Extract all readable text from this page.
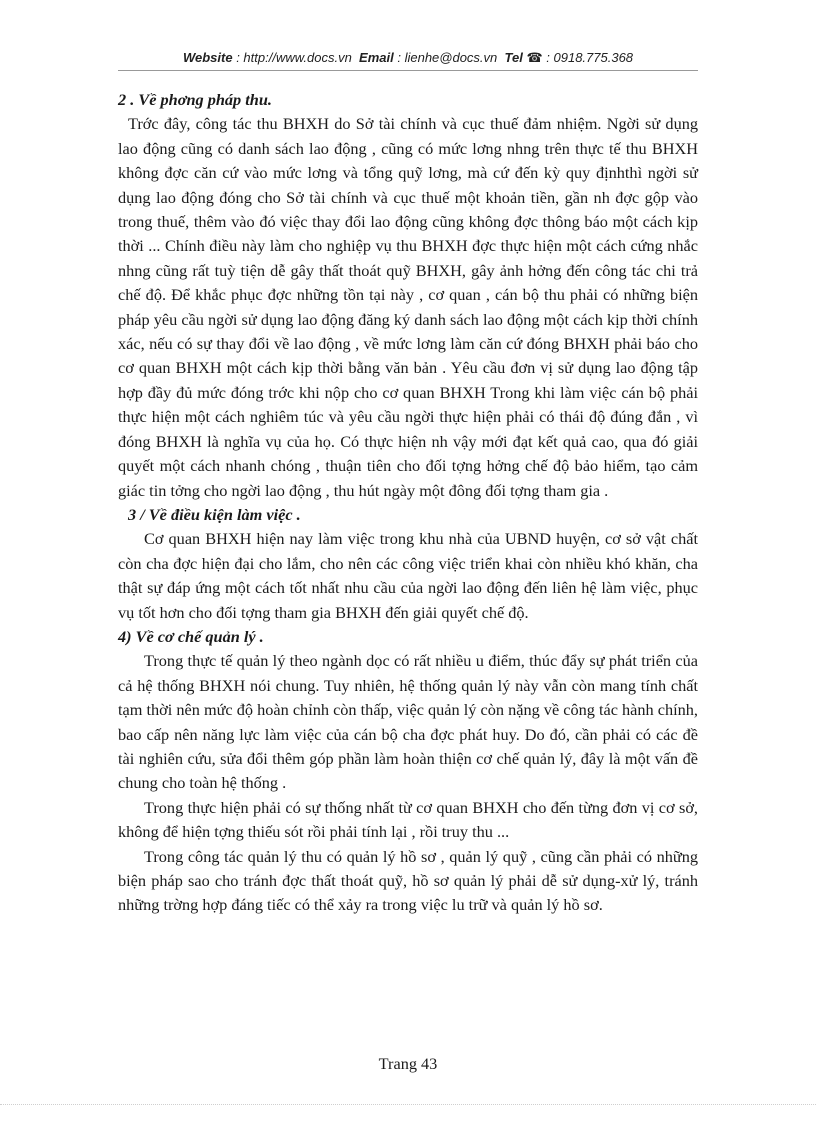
Website : http://www.docs.vn Email : lienhe@docs.vn Tel ☎ : 0918.775.368

2 . Về phơng pháp thu.

Trớc đây, công tác thu BHXH do Sở tài chính và cục thuế đảm nhiệm. Ngời sử dụng lao động cũng có danh sách lao động , cũng có mức lơng nhng trên thực tế thu BHXH không đợc căn cứ vào mức lơng và tổng quỹ lơng, mà cứ đến kỳ quy địnhthì ngời sử dụng lao động đóng cho Sở tài chính và cục thuế một khoản tiền, gần nh đợc gộp vào trong thuế, thêm vào đó việc thay đổi lao động cũng không đợc thông báo một cách kịp thời ... Chính điều này làm cho nghiệp vụ thu BHXH đợc thực hiện một cách cứng nhắc nhng cũng rất tuỳ tiện dễ gây thất thoát quỹ BHXH, gây ảnh hởng đến công tác chi trả chế độ. Để khắc phục đợc những tồn tại này , cơ quan , cán bộ thu phải có những biện pháp yêu cầu ngời sử dụng lao động đăng ký danh sách lao động một cách kịp thời chính xác, nếu có sự thay đổi về lao động , về mức lơng làm căn cứ đóng BHXH phải báo cho cơ quan BHXH một cách kịp thời bằng văn bản . Yêu cầu đơn vị sử dụng lao động tập hợp đầy đủ mức đóng trớc khi nộp cho cơ quan BHXH Trong khi làm việc cán bộ phải thực hiện một cách nghiêm túc và yêu cầu ngời thực hiện phải có thái độ đúng đắn , vì đóng BHXH là nghĩa vụ của họ. Có thực hiện nh vậy mới đạt kết quả cao, qua đó giải quyết một cách nhanh chóng , thuận tiên cho đối tợng hởng chế độ bảo hiểm, tạo cảm giác tin tởng cho ngời lao động , thu hút ngày một đông đối tợng tham gia .

3 / Về điều kiện làm việc .

Cơ quan BHXH hiện nay làm việc trong khu nhà của UBND huyện, cơ sở vật chất còn cha đợc hiện đại cho lắm, cho nên các công việc triển khai còn nhiều khó khăn, cha thật sự đáp ứng một cách tốt nhất nhu cầu của ngời lao động đến liên hệ làm việc, phục vụ tốt hơn cho đối tợng tham gia BHXH đến giải quyết chế độ.

4) Về cơ chế quản lý .

Trong thực tế quản lý theo ngành dọc có rất nhiều u điểm, thúc đẩy sự phát triển của cả hệ thống BHXH nói chung. Tuy nhiên, hệ thống quản lý này vẫn còn mang tính chất tạm thời nên mức độ hoàn chỉnh còn thấp, việc quản lý còn nặng về công tác hành chính, bao cấp nên năng lực làm việc của cán bộ cha đợc phát huy. Do đó, cần phải có các đề tài nghiên cứu, sửa đổi thêm góp phần làm hoàn thiện cơ chế quản lý, đây là một vấn đề chung cho toàn hệ thống .

Trong thực hiện phải có sự thống nhất từ cơ quan BHXH cho đến từng đơn vị cơ sở, không để hiện tợng thiếu sót rồi phải tính lại , rồi truy thu ...

Trong công tác quản lý thu có quản lý hồ sơ , quản lý quỹ , cũng cần phải có những biện pháp sao cho tránh đợc thất thoát quỹ, hồ sơ quản lý phải dễ sử dụng-xử lý, tránh những trờng hợp đáng tiếc có thể xảy ra trong việc lu trữ và quản lý hồ sơ.

Trang 43
